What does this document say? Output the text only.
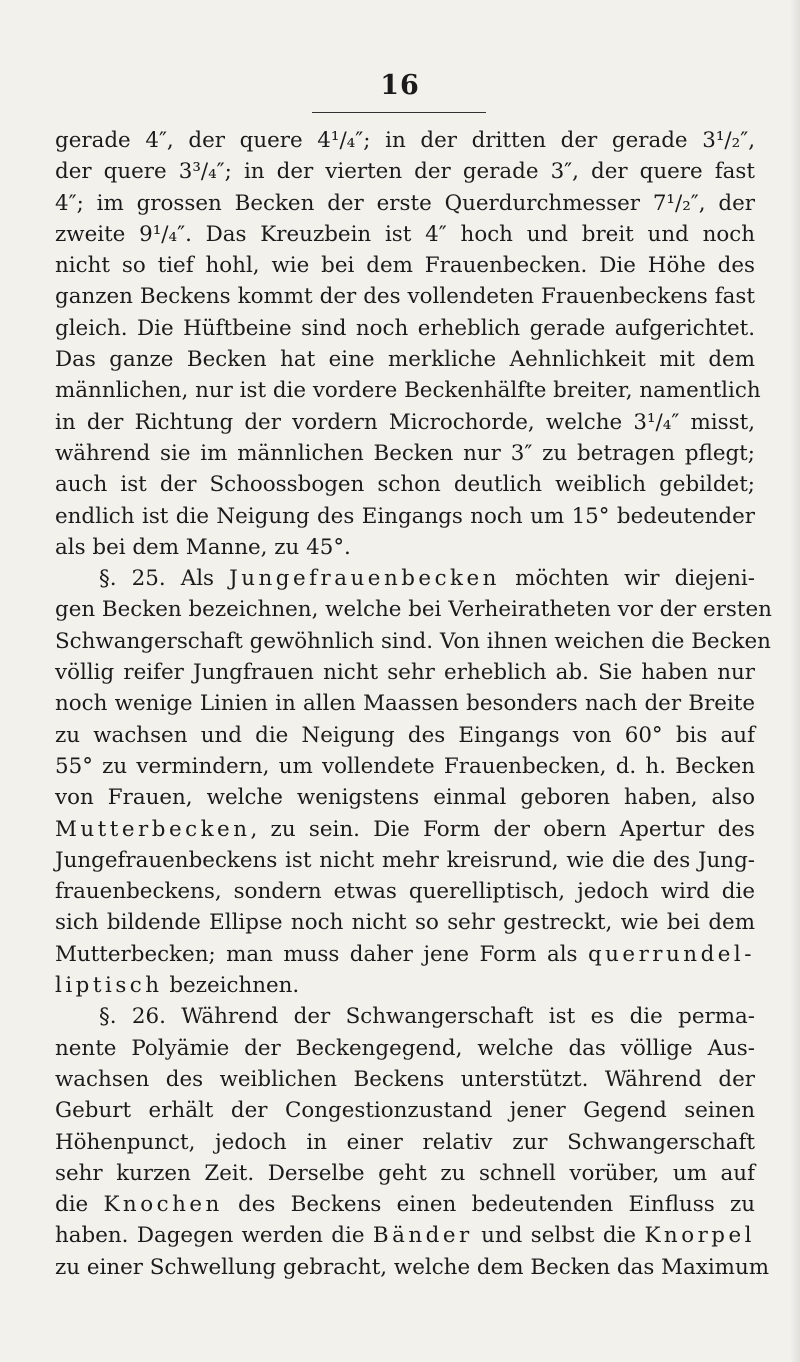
16
gerade 4″, der quere 4¹/₄″; in der dritten der gerade 3¹/₂″,
der quere 3³/₄″; in der vierten der gerade 3″, der quere fast
4″; im grossen Becken der erste Querdurchmesser 7¹/₂″, der
zweite 9¹/₄″. Das Kreuzbein ist 4″ hoch und breit und noch
nicht so tief hohl, wie bei dem Frauenbecken. Die Höhe des
ganzen Beckens kommt der des vollendeten Frauenbeckens fast
gleich. Die Hüftbeine sind noch erheblich gerade aufgerichtet.
Das ganze Becken hat eine merkliche Aehnlichkeit mit dem
männlichen, nur ist die vordere Beckenhälfte breiter, namentlich
in der Richtung der vordern Microchorde, welche 3¹/₄″ misst,
während sie im männlichen Becken nur 3″ zu betragen pflegt;
auch ist der Schoossbogen schon deutlich weiblich gebildet;
endlich ist die Neigung des Eingangs noch um 15° bedeutender
als bei dem Manne, zu 45°.
§. 25. Als Jungefrauenbecken möchten wir diejeni-
gen Becken bezeichnen, welche bei Verheiratheten vor der ersten
Schwangerschaft gewöhnlich sind. Von ihnen weichen die Becken
völlig reifer Jungfrauen nicht sehr erheblich ab. Sie haben nur
noch wenige Linien in allen Maassen besonders nach der Breite
zu wachsen und die Neigung des Eingangs von 60° bis auf
55° zu vermindern, um vollendete Frauenbecken, d. h. Becken
von Frauen, welche wenigstens einmal geboren haben, also
Mutterbecken, zu sein. Die Form der obern Apertur des
Jungefrauenbeckens ist nicht mehr kreisrund, wie die des Jung-
frauenbeckens, sondern etwas querelliptisch, jedoch wird die
sich bildende Ellipse noch nicht so sehr gestreckt, wie bei dem
Mutterbecken; man muss daher jene Form als querrundel-
liptisch bezeichnen.
§. 26. Während der Schwangerschaft ist es die perma-
nente Polyämie der Beckengegend, welche das völlige Aus-
wachsen des weiblichen Beckens unterstützt. Während der
Geburt erhält der Congestionzustand jener Gegend seinen
Höhenpunct, jedoch in einer relativ zur Schwangerschaft
sehr kurzen Zeit. Derselbe geht zu schnell vorüber, um auf
die Knochen des Beckens einen bedeutenden Einfluss zu
haben. Dagegen werden die Bänder und selbst die Knorpel
zu einer Schwellung gebracht, welche dem Becken das Maximum
